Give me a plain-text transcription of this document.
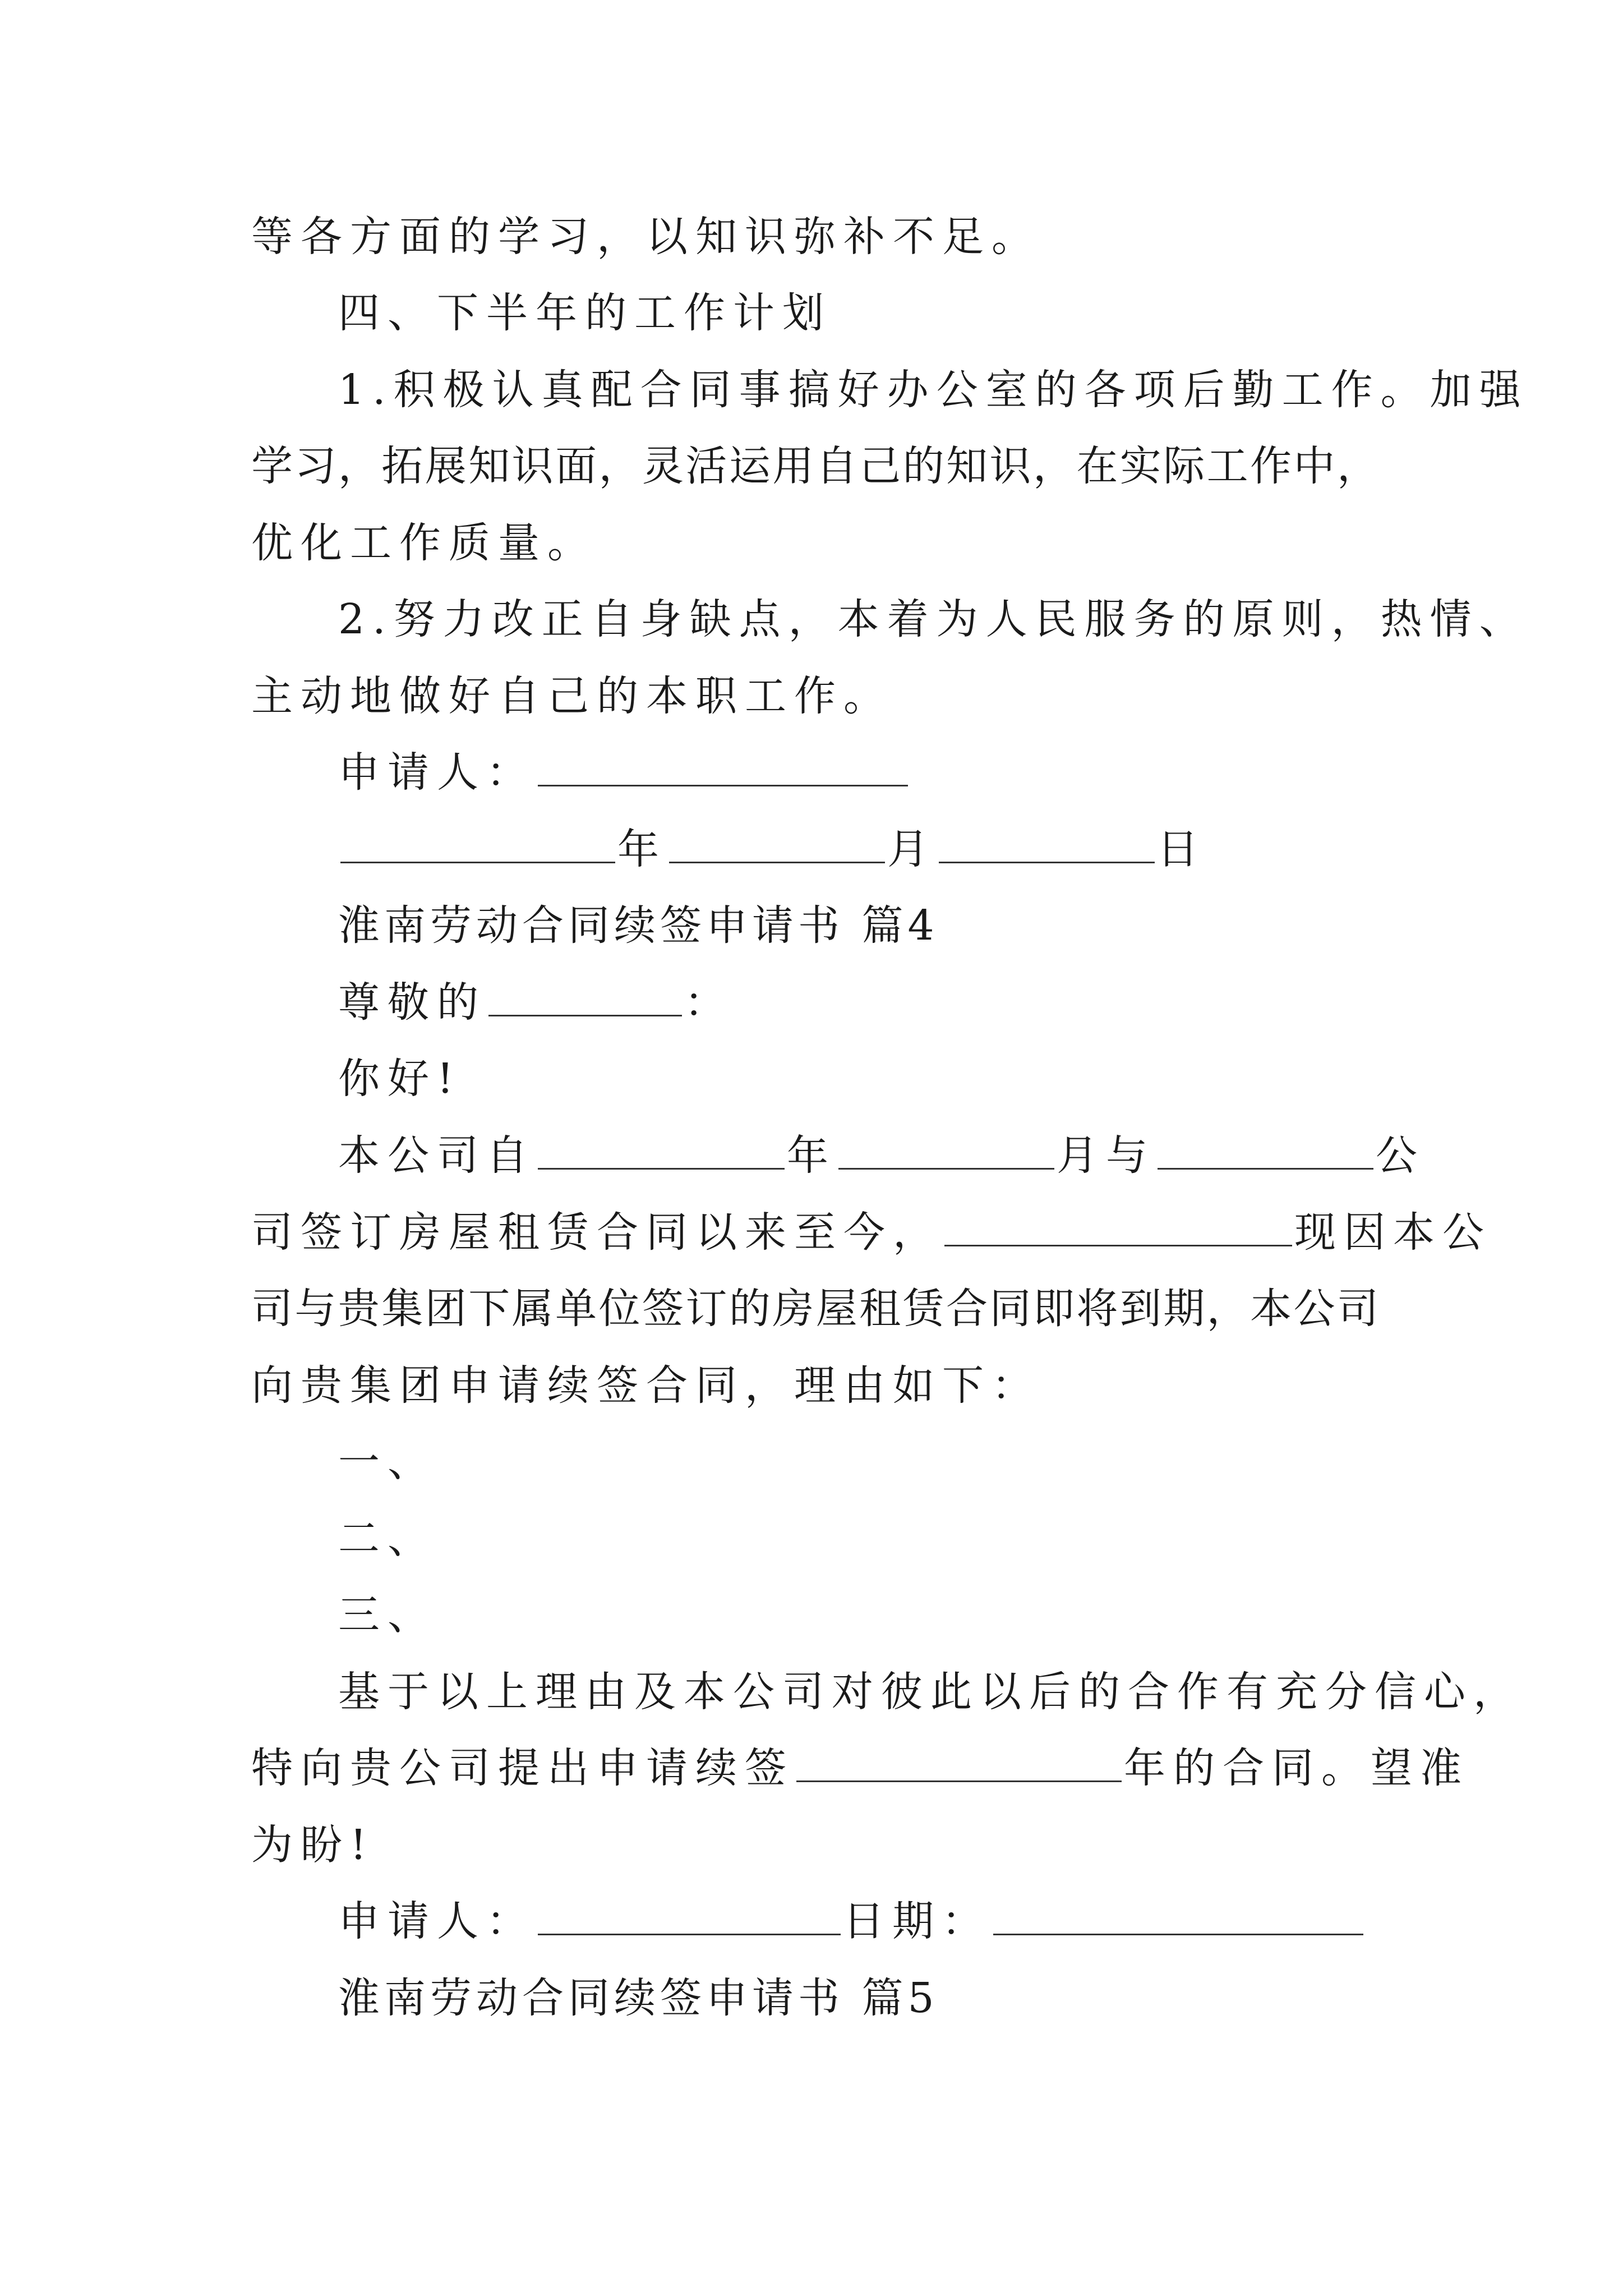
等各方面的学习，以知识弥补不足。
四、下半年的工作计划
1.积极认真配合同事搞好办公室的各项后勤工作。加强
学习，拓展知识面，灵活运用自己的知识，在实际工作中，
优化工作质量。
2.努力改正自身缺点，本着为人民服务的原则，热情、
主动地做好自己的本职工作。
申请人：
年	月	日
淮南劳动合同续签申请书 篇4
尊敬的	：
你好!
本公司自	年	月与	公
司签订房屋租赁合同以来至今，	现因本公
司与贵集团下属单位签订的房屋租赁合同即将到期，本公司
向贵集团申请续签合同，理由如下：
一、
二、
三、
基于以上理由及本公司对彼此以后的合作有充分信心，
特向贵公司提出申请续签	年的合同。望准
为盼!
申请人：	日期：
淮南劳动合同续签申请书 篇5
